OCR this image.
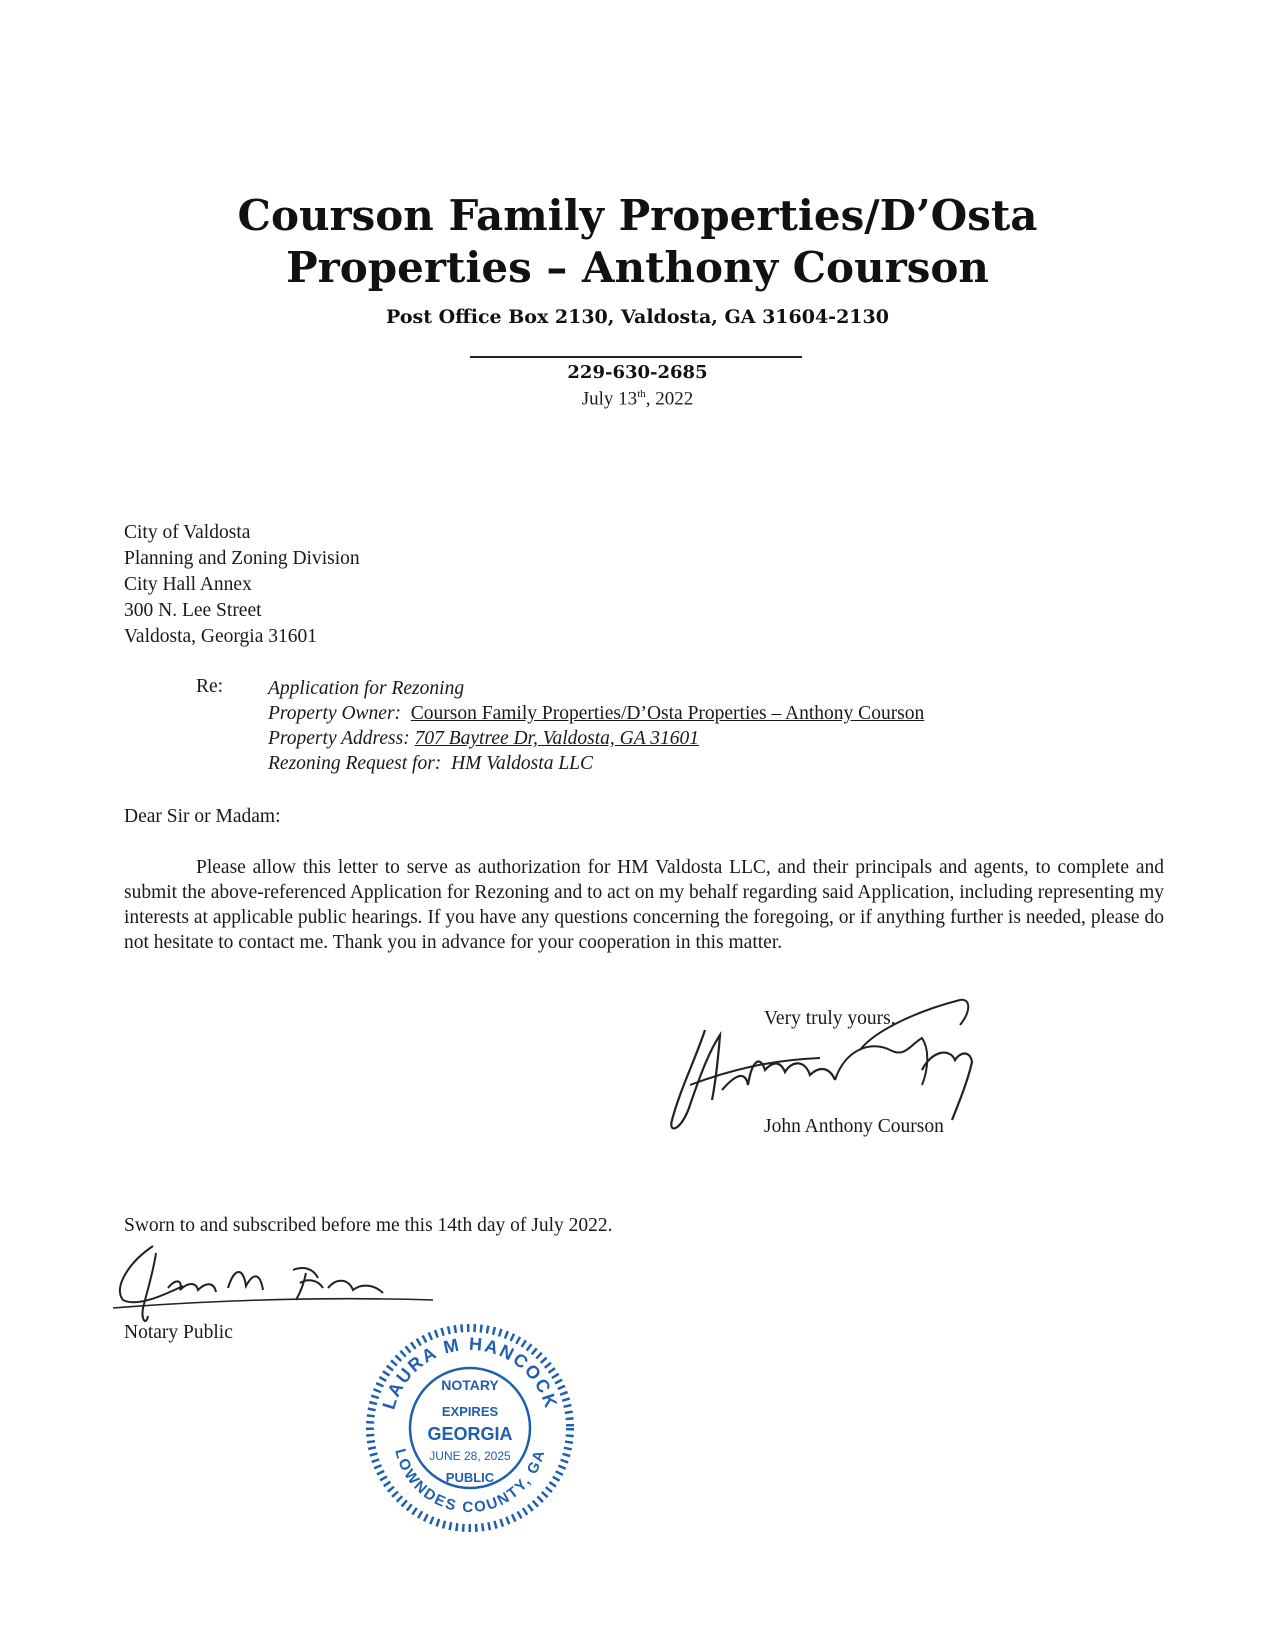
Courson Family Properties/D’Osta
Properties – Anthony Courson
Post Office Box 2130, Valdosta, GA 31604-2130
229-630-2685
July 13th, 2022
City of Valdosta
Planning and Zoning Division
City Hall Annex
300 N. Lee Street
Valdosta, Georgia 31601
Re: Application for Rezoning
Property Owner: Courson Family Properties/D’Osta Properties – Anthony Courson
Property Address: 707 Baytree Dr, Valdosta, GA 31601
Rezoning Request for: HM Valdosta LLC
Dear Sir or Madam:
Please allow this letter to serve as authorization for HM Valdosta LLC, and their principals and agents, to complete and submit the above-referenced Application for Rezoning and to act on my behalf regarding said Application, including representing my interests at applicable public hearings. If you have any questions concerning the foregoing, or if anything further is needed, please do not hesitate to contact me. Thank you in advance for your cooperation in this matter.
Very truly yours,
John Anthony Courson
Sworn to and subscribed before me this 14th day of July 2022.
Notary Public
LAURA M HANCOCK
LOWNDES COUNTY, GA
NOTARY
EXPIRES
GEORGIA
JUNE 28, 2025
PUBLIC
